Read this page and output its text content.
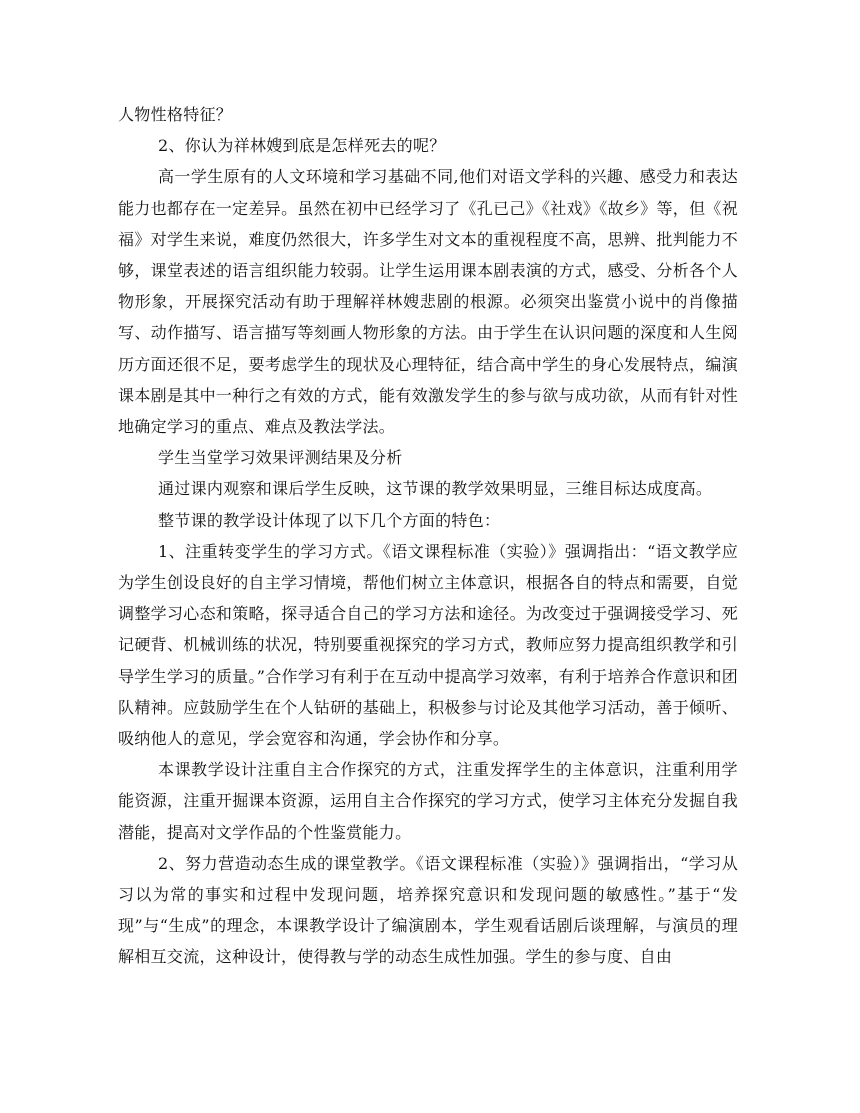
人物性格特征？

2、你认为祥林嫂到底是怎样死去的呢？

高一学生原有的人文环境和学习基础不同,他们对语文学科的兴趣、感受力和表达能力也都存在一定差异。虽然在初中已经学习了《孔已己》《社戏》《故乡》等，但《祝福》对学生来说，难度仍然很大，许多学生对文本的重视程度不高，思辨、批判能力不够，课堂表述的语言组织能力较弱。让学生运用课本剧表演的方式，感受、分析各个人物形象，开展探究活动有助于理解祥林嫂悲剧的根源。必须突出鉴赏小说中的肖像描写、动作描写、语言描写等刻画人物形象的方法。由于学生在认识问题的深度和人生阅历方面还很不足，要考虑学生的现状及心理特征，结合高中学生的身心发展特点，编演课本剧是其中一种行之有效的方式，能有效激发学生的参与欲与成功欲，从而有针对性地确定学习的重点、难点及教法学法。

学生当堂学习效果评测结果及分析

通过课内观察和课后学生反映，这节课的教学效果明显，三维目标达成度高。

整节课的教学设计体现了以下几个方面的特色：

1、注重转变学生的学习方式。《语文课程标准（实验）》强调指出：“语文教学应为学生创设良好的自主学习情境，帮他们树立主体意识，根据各自的特点和需要，自觉调整学习心态和策略，探寻适合自己的学习方法和途径。为改变过于强调接受学习、死记硬背、机械训练的状况，特别要重视探究的学习方式，教师应努力提高组织教学和引导学生学习的质量。”合作学习有利于在互动中提高学习效率，有利于培养合作意识和团队精神。应鼓励学生在个人钻研的基础上，积极参与讨论及其他学习活动，善于倾听、吸纳他人的意见，学会宽容和沟通，学会协作和分享。

本课教学设计注重自主合作探究的方式，注重发挥学生的主体意识，注重利用学能资源，注重开掘课本资源，运用自主合作探究的学习方式，使学习主体充分发掘自我潜能，提高对文学作品的个性鉴赏能力。

2、努力营造动态生成的课堂教学。《语文课程标准（实验）》强调指出，“学习从习以为常的事实和过程中发现问题，培养探究意识和发现问题的敏感性。”基于“发现”与“生成”的理念，本课教学设计了编演剧本，学生观看话剧后谈理解，与演员的理解相互交流，这种设计，使得教与学的动态生成性加强。学生的参与度、自由
